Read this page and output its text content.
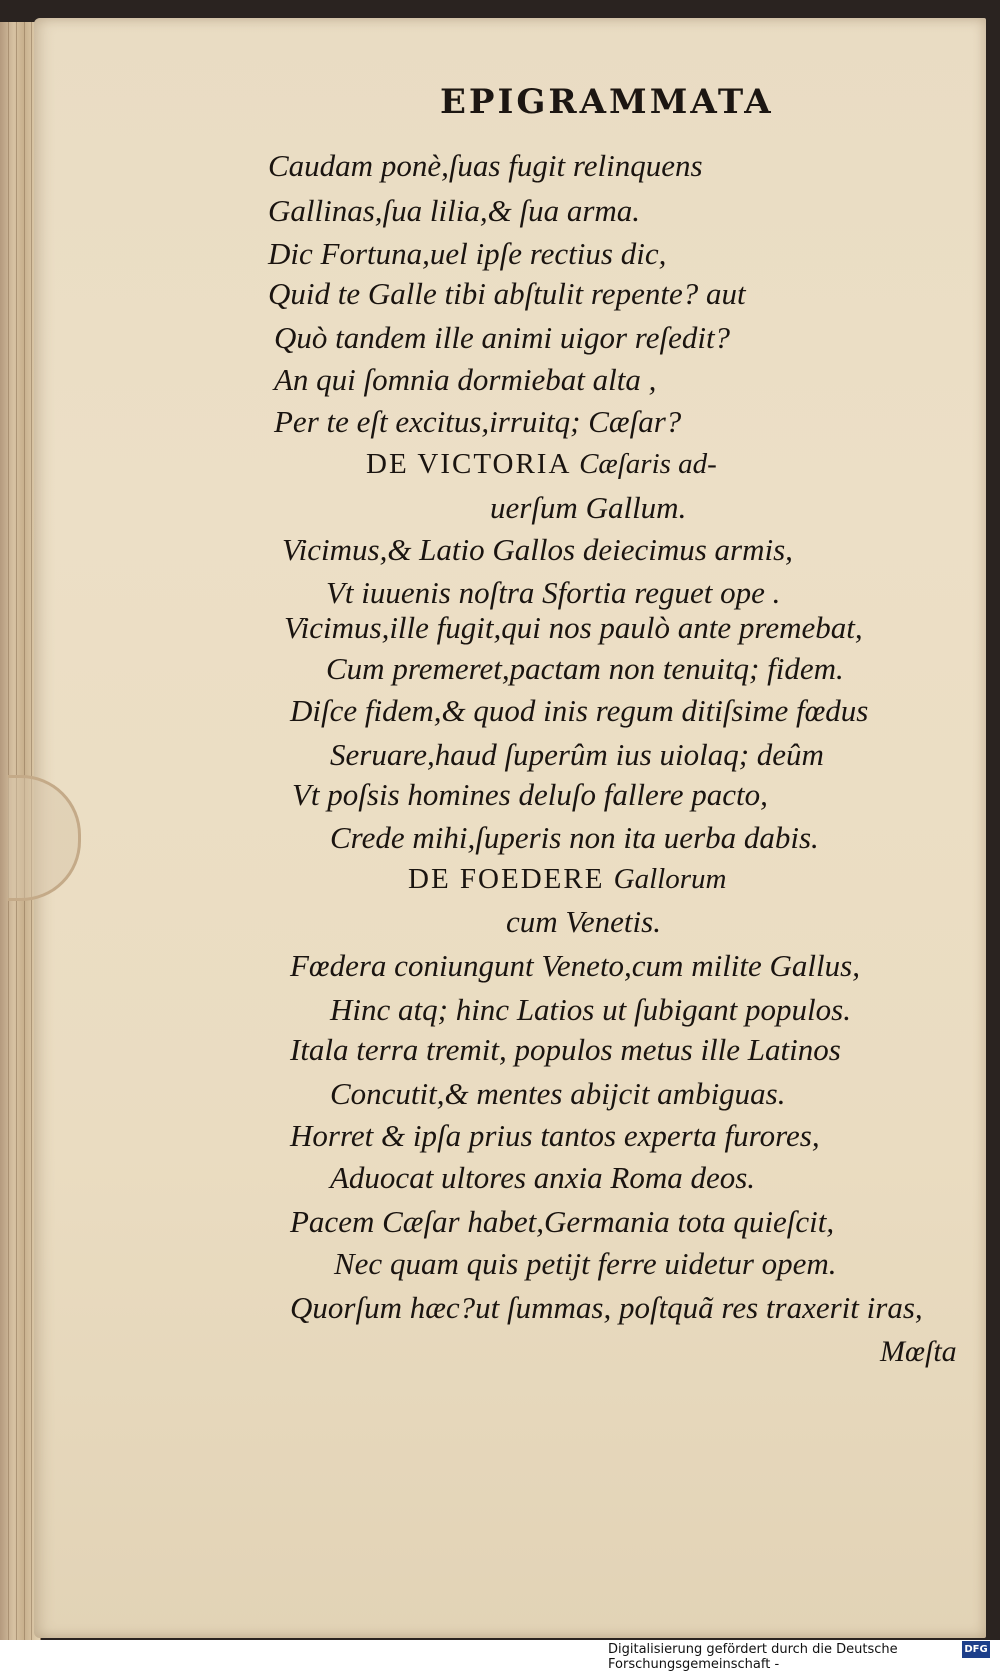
EPIGRAMMATA
Caudam ponè,ſuas fugit relinquens
Gallinas,ſua lilia,& ſua arma.
Dic Fortuna,uel ipſe rectius dic,
Quid te Galle tibi abſtulit repente? aut
Quò tandem ille animi uigor reſedit?
An qui ſomnia dormiebat alta ,
Per te eſt excitus,irruitq; Cæſar?
DE VICTORIA Cæſaris ad-
uerſum Gallum.
Vicimus,& Latio Gallos deiecimus armis,
Vt iuuenis noſtra Sfortia reguet ope .
Vicimus,ille fugit,qui nos paulò ante premebat,
Cum premeret,pactam non tenuitq; fidem.
Diſce fidem,& quod inis regum ditiſsime fœdus
Seruare,haud ſuperûm ius uiolaq; deûm
Vt poſsis homines deluſo fallere pacto,
Crede mihi,ſuperis non ita uerba dabis.
DE FOEDERE Gallorum
cum Venetis.
Fœdera coniungunt Veneto,cum milite Gallus,
Hinc atq; hinc Latios ut ſubigant populos.
Itala terra tremit, populos metus ille Latinos
Concutit,& mentes abijcit ambiguas.
Horret & ipſa prius tantos experta furores,
Aduocat ultores anxia Roma deos.
Pacem Cæſar habet,Germania tota quieſcit,
Nec quam quis petijt ferre uidetur opem.
Quorſum hæc?ut ſummas, poſtquã res traxerit iras,
Mœſta
Digitalisierung gefördert durch die Deutsche Forschungsgemeinschaft -
DFG
